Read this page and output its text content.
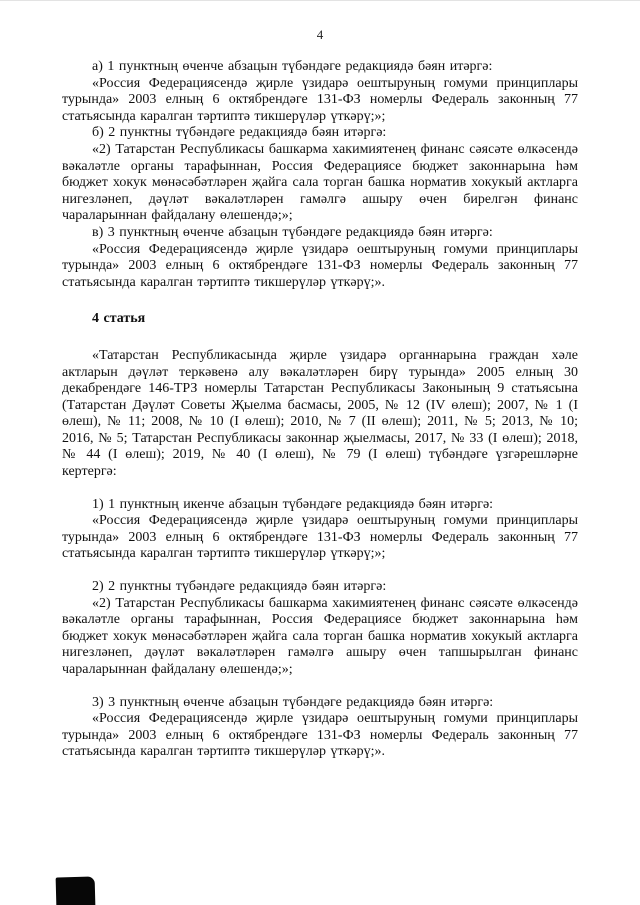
4

а) 1 пунктның өченче абзацын түбәндәге редакциядә бәян итәргә:

«Россия Федерациясендә җирле үзидарә оештыруның гомуми принциплары турында» 2003 елның 6 октябрендәге 131-ФЗ номерлы Федераль законның 77 статьясында каралган тәртиптә тикшерүләр үткәрү;»;

б) 2 пунктны түбәндәге редакциядә бәян итәргә:

«2) Татарстан Республикасы башкарма хакимиятенең финанс сәясәте өлкәсендә вәкаләтле органы тарафыннан, Россия Федерациясе бюджет законнарына һәм бюджет хокук мөнәсәбәтләрен җайга сала торган башка норматив хокукый актларга нигезләнеп, дәүләт вәкаләтләрен гамәлгә ашыру өчен бирелгән финанс чараларыннан файдалану өлешендә;»;

в) 3 пунктның өченче абзацын түбәндәге редакциядә бәян итәргә:

«Россия Федерациясендә җирле үзидарә оештыруның гомуми принциплары турында» 2003 елның 6 октябрендәге 131-ФЗ номерлы Федераль законның 77 статьясында каралган тәртиптә тикшерүләр үткәрү;».

4 статья

«Татарстан Республикасында җирле үзидарә органнарына граждан хәле актларын дәүләт теркәвенә алу вәкаләтләрен бирү турында» 2005 елның 30 декабрендәге 146-ТРЗ номерлы Татарстан Республикасы Законының 9 статьясына (Татарстан Дәүләт Советы Җыелма басмасы, 2005, № 12 (IV өлеш); 2007, № 1 (I өлеш), № 11; 2008, № 10 (I өлеш); 2010, № 7 (II өлеш); 2011, № 5; 2013, № 10; 2016, № 5; Татарстан Республикасы законнар җыелмасы, 2017, № 33 (I өлеш); 2018, № 44 (I өлеш); 2019, № 40 (I өлеш), № 79 (I өлеш) түбәндәге үзгәрешләрне кертергә:

1) 1 пунктның икенче абзацын түбәндәге редакциядә бәян итәргә:

«Россия Федерациясендә җирле үзидарә оештыруның гомуми принциплары турында» 2003 елның 6 октябрендәге 131-ФЗ номерлы Федераль законның 77 статьясында каралган тәртиптә тикшерүләр үткәрү;»;

2) 2 пунктны түбәндәге редакциядә бәян итәргә:

«2) Татарстан Республикасы башкарма хакимиятенең финанс сәясәте өлкәсендә вәкаләтле органы тарафыннан, Россия Федерациясе бюджет законнарына һәм бюджет хокук мөнәсәбәтләрен җайга сала торган башка норматив хокукый актларга нигезләнеп, дәүләт вәкаләтләрен гамәлгә ашыру өчен тапшырылган финанс чараларыннан файдалану өлешендә;»;

3) 3 пунктның өченче абзацын түбәндәге редакциядә бәян итәргә:

«Россия Федерациясендә җирле үзидарә оештыруның гомуми принциплары турында» 2003 елның 6 октябрендәге 131-ФЗ номерлы Федераль законның 77 статьясында каралган тәртиптә тикшерүләр үткәрү;».
